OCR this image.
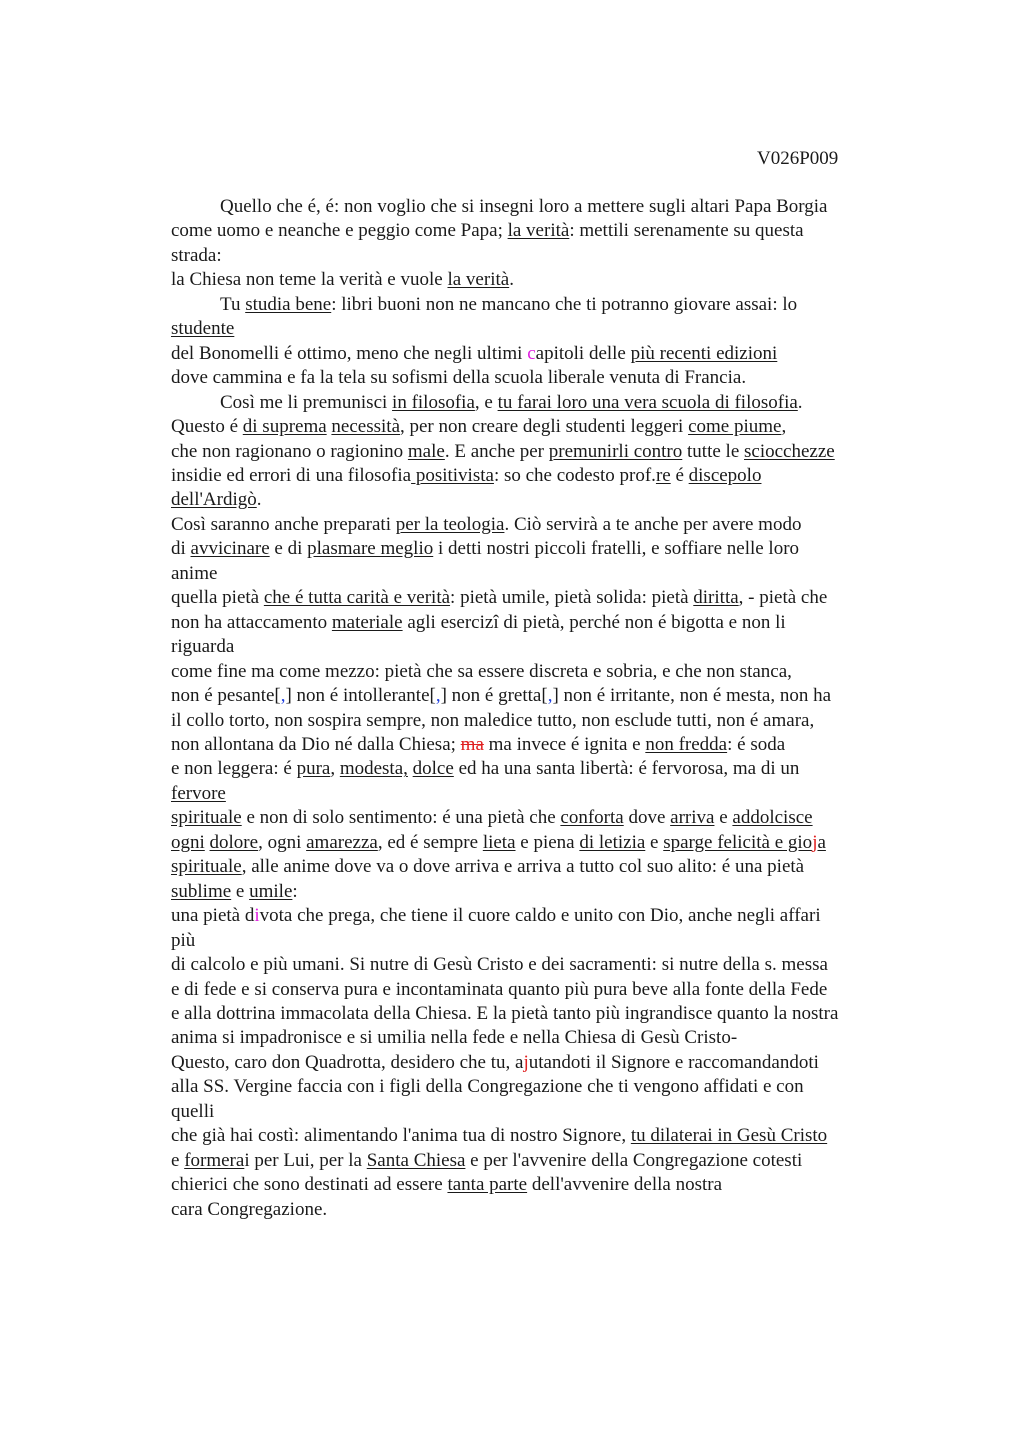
V026P009
Quello che é, é: non voglio che si insegni loro a mettere sugli altari Papa Borgia
come uomo e neanche e peggio come Papa; la verità: mettili serenamente su questa
strada:
la Chiesa non teme la verità e vuole la verità.
Tu studia bene: libri buoni non ne mancano che ti potranno giovare assai: lo
studente
del Bonomelli é ottimo, meno che negli ultimi capitoli delle più recenti edizioni
dove cammina e fa la tela su sofismi della scuola liberale venuta di Francia.
Così me li premunisci in filosofia, e tu farai loro una vera scuola di filosofia.
Questo é di suprema necessità, per non creare degli studenti leggeri come piume,
che non ragionano o ragionino male. E anche per premunirli contro tutte le sciocchezze
insidie ed errori di una filosofia positivista: so che codesto prof.re é discepolo
dell'Ardigò.
Così saranno anche preparati per la teologia. Ciò servirà a te anche per avere modo
di avvicinare e di plasmare meglio i detti nostri piccoli fratelli, e soffiare nelle loro
anime
quella pietà che é tutta carità e verità: pietà umile, pietà solida: pietà diritta, - pietà che
non ha attaccamento materiale agli esercizi di pietà, perché non é bigotta e non li
riguarda
come fine ma come mezzo: pietà che sa essere discreta e sobria, e che non stanca,
non é pesante[,] non é intollerante[,] non é gretta[,] non é irritante, non é mesta, non ha
il collo torto, non sospira sempre, non maledice tutto, non esclude tutti, non é amara,
non allontana da Dio né dalla Chiesa; ma ma invece é ignita e non fredda: é soda
e non leggera: é pura, modesta, dolce ed ha una santa libertà: é fervorosa, ma di un
fervore
spirituale e non di solo sentimento: é una pietà che conforta dove arriva e addolcisce
ogni dolore, ogni amarezza, ed é sempre lieta e piena di letizia e sparge felicità e gioja
spirituale, alle anime dove va o dove arriva e arriva a tutto col suo alito: é una pietà
sublime e umile:
una pietà divota che prega, che tiene il cuore caldo e unito con Dio, anche negli affari
più
di calcolo e più umani. Si nutre di Gesù Cristo e dei sacramenti: si nutre della s. messa
e di fede e si conserva pura e incontaminata quanto più pura beve alla fonte della Fede
e alla dottrina immacolata della Chiesa. E la pietà tanto più ingrandisce quanto la nostra
anima si impadronisce e si umilia nella fede e nella Chiesa di Gesù Cristo-
Questo, caro don Quadrotta, desidero che tu, ajutandoti il Signore e raccomandandoti
alla SS. Vergine faccia con i figli della Congregazione che ti vengono affidati e con
quelli
che già hai costì: alimentando l'anima tua di nostro Signore, tu dilaterai in Gesù Cristo
e formerai per Lui, per la Santa Chiesa e per l'avvenire della Congregazione cotesti
chierici che sono destinati ad essere tanta parte dell'avvenire della nostra
cara Congregazione.
